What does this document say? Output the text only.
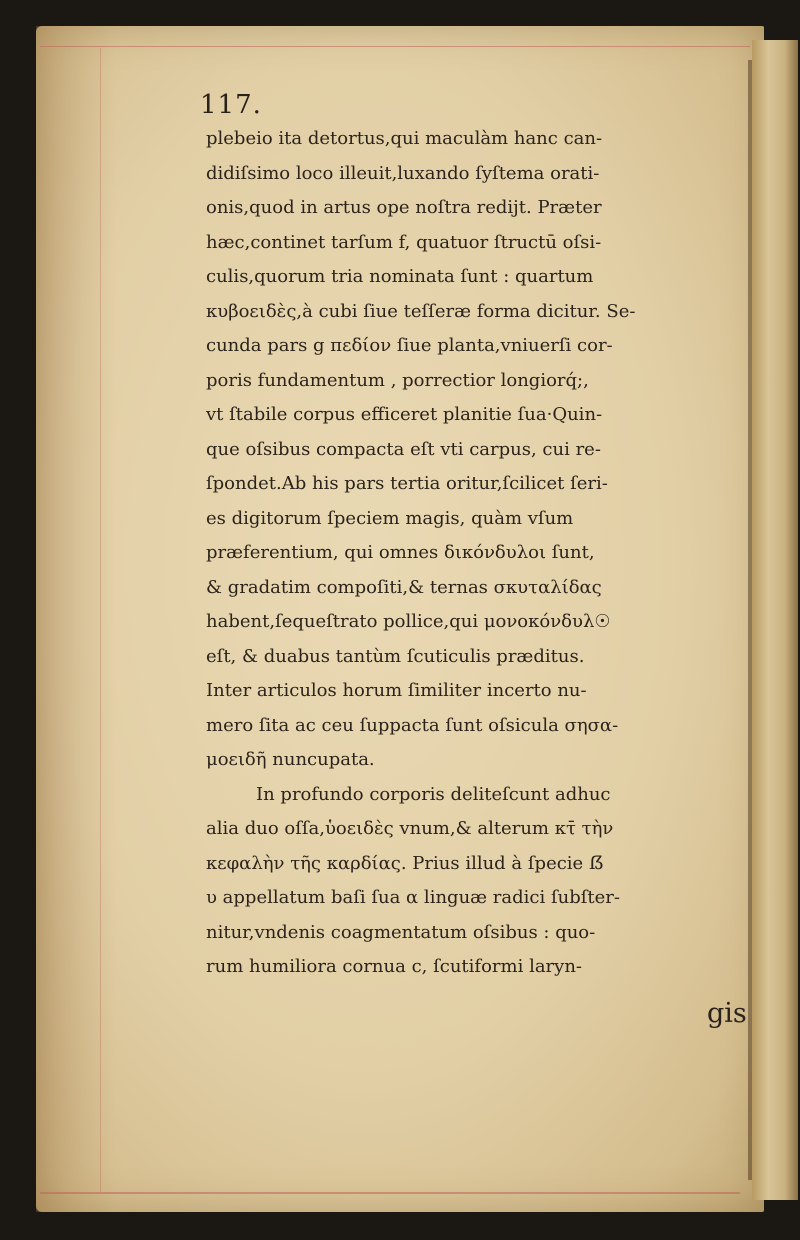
117.
plebeio ita detortus,qui maculàm hanc can-
didiſsimo loco illeuit,luxando ſyſtema orati-
onis,quod in artus ope noſtra redijt. Præter
hæc,continet tarſum f, quatuor ſtructū oſsi-
culis,quorum tria nominata ſunt : quartum
κυβοειδὲς,à cubi ſiue teſſeræ forma dicitur. Se-
cunda pars g πεδίον ſiue planta,vniuerſi cor-
poris fundamentum , porrectior longiorq́;,
vt ſtabile corpus efficeret planitie ſua·Quin-
que oſsibus compacta eſt vti carpus, cui re-
ſpondet.Ab his pars tertia oritur,ſcilicet ſeri-
es digitorum ſpeciem magis, quàm vſum
præferentium, qui omnes δικόνδυλοι ſunt,
& gradatim compoſiti,& ternas σκυταλίδας
habent,ſequeſtrato pollice,qui μονοκόνδυλ☉
eſt, & duabus tantùm ſcuticulis præditus.
Inter articulos horum ſimiliter incerto nu-
mero ſita ac ceu ſuppacta ſunt oſsicula σησα-
μοειδῆ nuncupata.
In profundo corporis deliteſcunt adhuc
alia duo oſſa,ὑοειδὲς vnum,& alterum κτ̄ τὴν
κεφαλὴν τῆς καρδίας. Prius illud à ſpecie ẞ
υ appellatum baſi ſua α linguæ radici ſubſter-
nitur,vndenis coagmentatum oſsibus : quo-
rum humiliora cornua ϲ, ſcutiformi laryn-
gis
